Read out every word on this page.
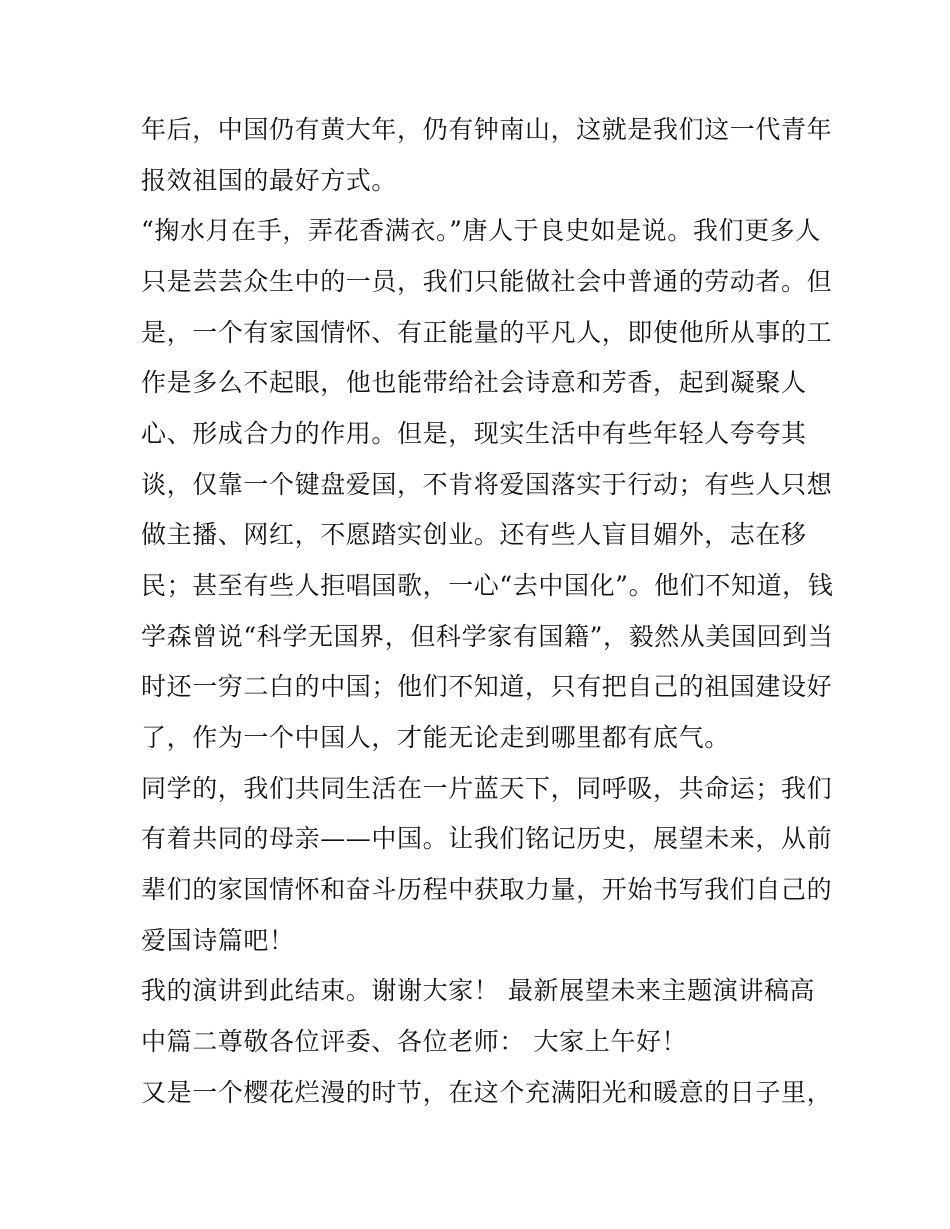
年后，中国仍有黄大年，仍有钟南山，这就是我们这一代青年
报效祖国的最好方式。
“掬水月在手，弄花香满衣。”唐人于良史如是说。我们更多人
只是芸芸众生中的一员，我们只能做社会中普通的劳动者。但
是，一个有家国情怀、有正能量的平凡人，即使他所从事的工
作是多么不起眼，他也能带给社会诗意和芳香，起到凝聚人
心、形成合力的作用。但是，现实生活中有些年轻人夸夸其
谈，仅靠一个键盘爱国，不肯将爱国落实于行动；有些人只想
做主播、网红，不愿踏实创业。还有些人盲目媚外，志在移
民；甚至有些人拒唱国歌，一心“去中国化”。他们不知道，钱
学森曾说“科学无国界，但科学家有国籍”，毅然从美国回到当
时还一穷二白的中国；他们不知道，只有把自己的祖国建设好
了，作为一个中国人，才能无论走到哪里都有底气。
同学的，我们共同生活在一片蓝天下，同呼吸，共命运；我们
有着共同的母亲——中国。让我们铭记历史，展望未来，从前
辈们的家国情怀和奋斗历程中获取力量，开始书写我们自己的
爱国诗篇吧！
我的演讲到此结束。谢谢大家！ 最新展望未来主题演讲稿高
中篇二尊敬各位评委、各位老师： 大家上午好！
又是一个樱花烂漫的时节，在这个充满阳光和暖意的日子里，
